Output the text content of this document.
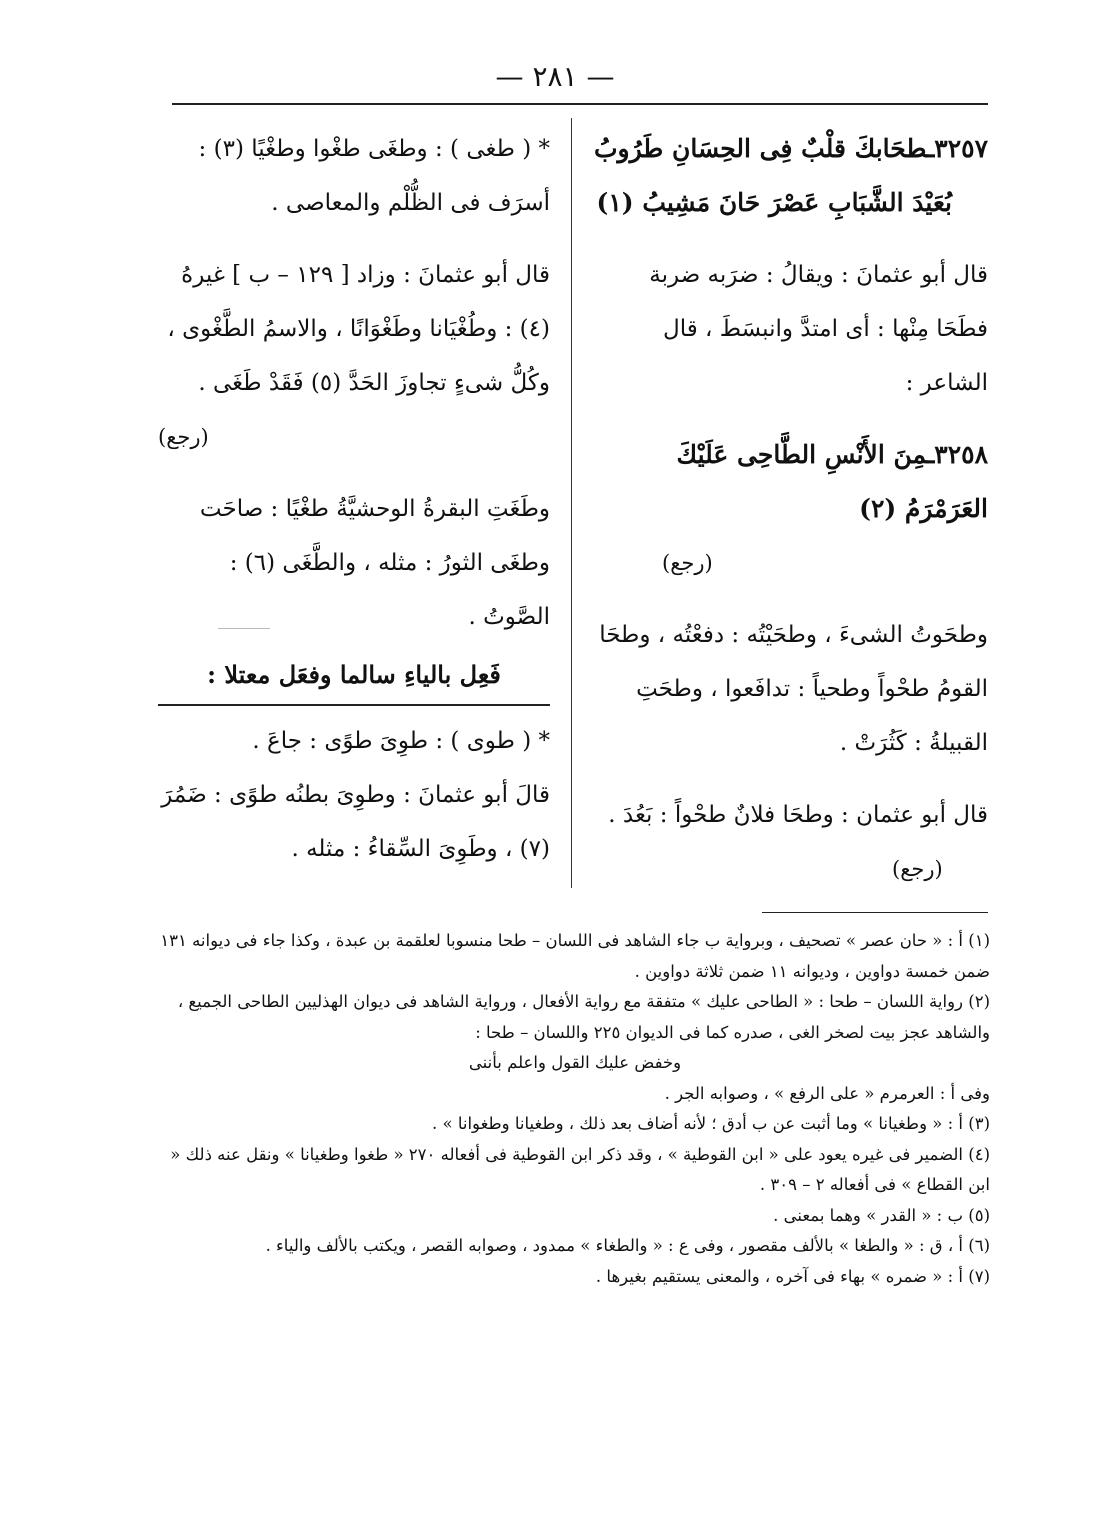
— ٢٨١ —
٣٢٥٧ـطحَابكَ قلْبٌ فِى الحِسَانِ طَرُوبُ
بُعَيْدَ الشَّبَابِ عَصْرَ حَانَ مَشِيبُ (١)

قال أبو عثمانَ : ويقالُ : ضرَبه ضربة فطَحَا مِنْها : أى امتدَّ وانبسَطَ ، قال الشاعر :

٣٢٥٨ـمِنَ الأَنْسِ الطَّاحِى عَلَيْكَ العَرَمْرَمُ (٢)
(رجع)

وطحَوتُ الشىءَ ، وطحَيْتُه : دفعْتُه ، وطحَا القومُ طحْواً وطحياً : تدافَعوا ، وطحَتِ القبيلةُ : كَثُرَتْ .

قال أبو عثمان : وطحَا فلانٌ طحْواً : بَعُدَ .

(رجع)

* ( طغى ) : وطغَى طغْوا وطغْيًا (٣) : أسرَف فى الظُّلْم والمعاصى .

قال أبو عثمانَ : وزاد [ ١٢٩ – ب ] غيرهُ (٤) : وطُغْيَانا وطَغْوَانًا ، والاسمُ الطَّغْوى ، وكُلُّ شىءٍ تجاوزَ الحَدَّ (٥) فَقَدْ طَغَى .

(رجع)

وطَغَتِ البقرةُ الوحشيَّةُ طغْيًا : صاحَت وطغَى الثورُ : مثله ، والطَّغَى (٦) : الصَّوتُ .

فَعِل بالياءِ سالما وفعَل معتلا :

* ( طوى ) : طوِىَ طوًى : جاعَ .

قالَ أبو عثمانَ : وطوِىَ بطنُه طوًى : ضَمُرَ (٧) ، وطَوِىَ السِّقاءُ : مثله .

(١) أ : « حان عصر » تصحيف ، وبرواية ب جاء الشاهد فى اللسان – طحا منسوبا لعلقمة بن عبدة ، وكذا جاء فى ديوانه ١٣١ ضمن خمسة دواوين ، وديوانه ١١ ضمن ثلاثة دواوين .

(٢) رواية اللسان – طحا : « الطاحى عليك » متفقة مع رواية الأفعال ، ورواية الشاهد فى ديوان الهذليين الطاحى الجميع ، والشاهد عجز بيت لصخر الغى ، صدره كما فى الديوان ٢٢٥ واللسان – طحا :

وخفض عليك القول واعلم بأننى

وفى أ : العرمرم « على الرفع » ، وصوابه الجر .

(٣) أ : « وطغيانا » وما أثبت عن ب أدق ؛ لأنه أضاف بعد ذلك ، وطغيانا وطغوانا » .

(٤) الضمير فى غيره يعود على « ابن القوطية » ، وقد ذكر ابن القوطية فى أفعاله ٢٧٠ « طغوا وطغيانا » ونقل عنه ذلك « ابن القطاع » فى أفعاله ٢ – ٣٠٩ .

(٥) ب : « القدر » وهما بمعنى .

(٦) أ ، ق : « والطغا » بالألف مقصور ، وفى ع : « والطغاء » ممدود ، وصوابه القصر ، ويكتب بالألف والياء .

(٧) أ : « ضمره » بهاء فى آخره ، والمعنى يستقيم بغيرها .
